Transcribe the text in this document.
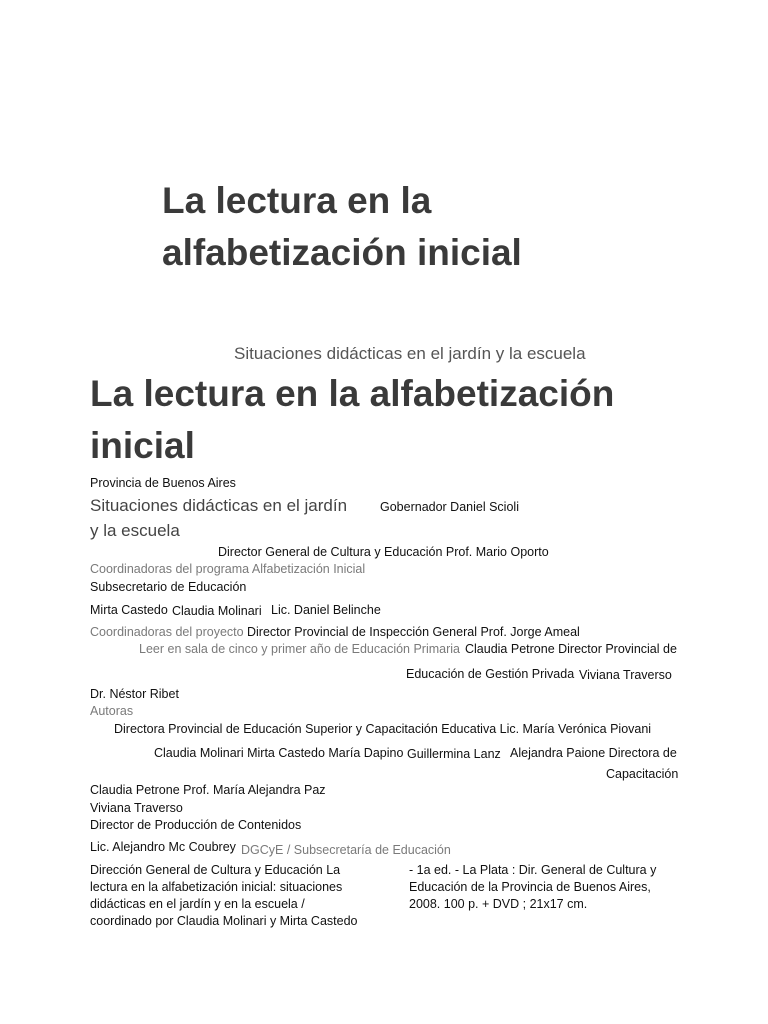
La lectura en la
alfabetización inicial
Situaciones didácticas en el jardín y la escuela
La lectura en la alfabetización
inicial
Provincia de Buenos Aires
Situaciones didácticas en el jardín	Gobernador Daniel Scioli
y la escuela
Director General de Cultura y Educación Prof. Mario Oporto
Coordinadoras del programa Alfabetización Inicial
Subsecretario de Educación
Mirta Castedo Claudia Molinari Lic. Daniel Belinche
Coordinadoras del proyecto Director Provincial de Inspección General Prof. Jorge Ameal
Leer en sala de cinco y primer año de Educación Primaria Claudia Petrone Director Provincial de
Educación de Gestión Privada Viviana Traverso
Dr. Néstor Ribet
Autoras
Directora Provincial de Educación Superior y Capacitación Educativa Lic. María Verónica Piovani
Claudia Molinari Mirta Castedo María Dapino Guillermina Lanz Alejandra Paione Directora de
Capacitación
Claudia Petrone Prof. María Alejandra Paz
Viviana Traverso
Director de Producción de Contenidos
Lic. Alejandro Mc Coubrey DGCyE / Subsecretaría de Educación
Dirección General de Cultura y Educación La
lectura en la alfabetización inicial: situaciones
didácticas en el jardín y en la escuela /
coordinado por Claudia Molinari y Mirta Castedo
- 1a ed. - La Plata : Dir. General de Cultura y
Educación de la Provincia de Buenos Aires,
2008. 100 p. + DVD ; 21x17 cm.
